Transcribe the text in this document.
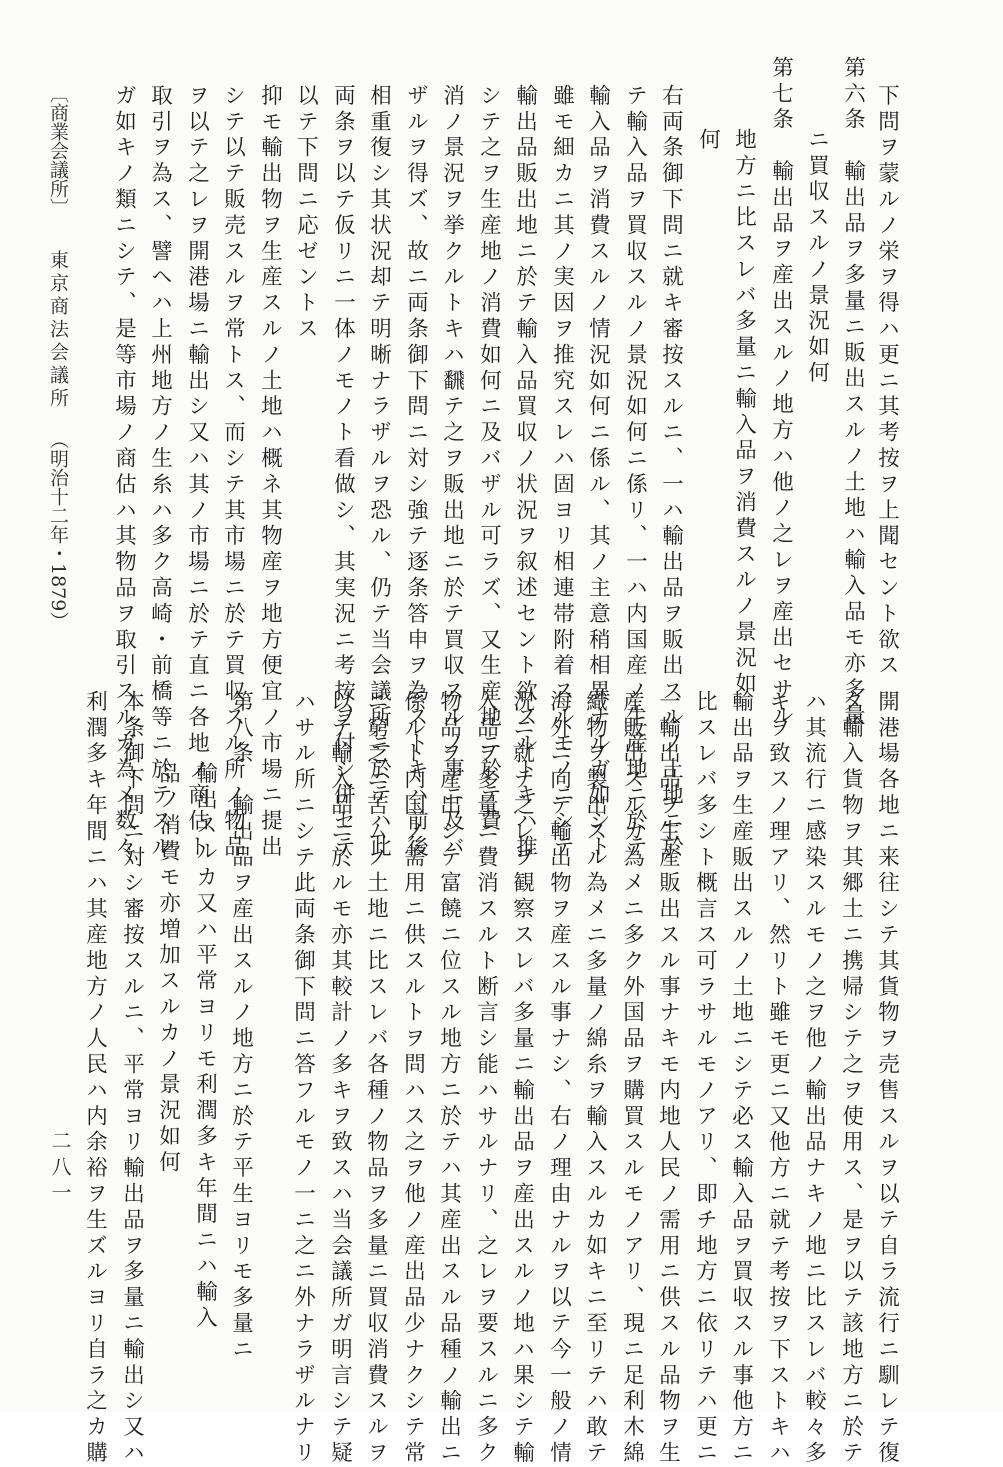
下問ヲ蒙ルノ栄ヲ得ハ更ニ其考按ヲ上聞セント欲ス
第六条　輸出品ヲ多量ニ販出スルノ土地ハ輸入品モ亦多量
ニ買収スルノ景況如何
第七条　輸出品ヲ産出スルノ地方ハ他ノ之レヲ産出セサル
地方ニ比スレバ多量ニ輸入品ヲ消費スルノ景況如
何
右両条御下問ニ就キ審按スルニ、一ハ輸出品ヲ販出スルノ土地ニ於
テ輸入品ヲ買収スルノ景況如何ニ係リ、一ハ内国産ノ生産地ニ於テ
輸入品ヲ消費スルノ情況如何ニ係ル、其ノ主意稍相異ナルガ如シト
雖モ細カニ其ノ実因ヲ推究スレハ固ヨリ相連帯附着スルモノニシテ
輸出品販出地ニ於テ輸入品買収ノ状況ヲ叙述セント欲スルトキハ推
シテ之ヲ生産地ノ消費如何ニ及バザル可ラズ、又生産地ニ於テ費
消ノ景況ヲ挙クルトキハ飜テ之ヲ販出地ニ於テ買収スルノ事ニ及バ
ザルヲ得ズ、故ニ両条御下問ニ対シ強テ逐条答申ヲ為ストキハ前後
相重復シ其状況却テ明晰ナラザルヲ恐ル、仍テ当会議所ニ於テハ此
両条ヲ以テ仮リニ一体ノモノト看做シ、其実況ニ考按ヲ付シ併セテ
以テ下問ニ応ゼントス
抑モ輸出物ヲ生産スルノ土地ハ概ネ其物産ヲ地方便宜ノ市場ニ提出
シテ以テ販売スルヲ常トス、而シテ其市場ニ於テ買収スル所ノ物品
ヲ以テ之レヲ開港場ニ輸出シ又ハ其ノ市場ニ於テ直ニ各地ノ商估ト
取引ヲ為ス、譬ヘハ上州地方ノ生糸ハ多ク高崎・前橋等ニ於テスル
ガ如キノ類ニシテ、是等市場ノ商估ハ其物品ヲ取引スルガ為メ数々
〔商業会議所〕
東京商法会議所
（明治十二年・1879）
開港場各地ニ来往シテ其貨物ヲ売售スルヲ以テ自ラ流行ニ馴レテ復
タ輸入貨物ヲ其郷土ニ携帰シテ之ヲ使用ス、是ヲ以テ該地方ニ於テ
ハ其流行ニ感染スルモノ之ヲ他ノ輸出品ナキノ地ニ比スレバ較々多
キヲ致スノ理アリ、然リト雖モ更ニ又他方ニ就テ考按ヲ下ストキハ
輸出品ヲ生産販出スルノ土地ニシテ必ス輸入品ヲ買収スル事他方ニ
比スレバ多シト概言ス可ラサルモノアリ、即チ地方ニ依リテハ更ニ
一輸出品ヲ生産販出スル事ナキモ内地人民ノ需用ニ供スル品物ヲ生
産販出スルカ為メニ多ク外国品ヲ購買スルモノアリ、現ニ足利木綿
織物ヲ製出スル為メニ多量ノ綿糸ヲ輸入スルカ如キニ至リテハ敢テ
海外ニ向テ輸出物ヲ産スル事ナシ、右ノ理由ナルヲ以テ今一般ノ情
況ニ就テ之レヲ観察スレバ多量ニ輸出品ヲ産出スルノ地ハ果シテ輸
入品ヲ多量ニ費消スルト断言シ能ハサルナリ、之レヲ要スルニ多ク
物品ヲ産出シテ富饒ニ位スル地方ニ於テハ其産出スル品種ノ輸出ニ
係ルト内国ノ需用ニ供スルトヲ問ハス之ヲ他ノ産出品少ナクシテ常
ニ窮乏ニ苦ムノ土地ニ比スレバ各種ノ物品ヲ多量ニ買収消費スルヲ
以テ輸入品ニ於ルモ亦其較計ノ多キヲ致スハ当会議所ガ明言シテ疑
ハサル所ニシテ此両条御下問ニ答フルモノ一ニ之ニ外ナラザルナリ
第八条　輸出品ヲ産出スルノ地方ニ於テ平生ヨリモ多量ニ
輸出スルカ又ハ平常ヨリモ利潤多キ年間ニハ輸入
品ノ消費モ亦増加スルカノ景況如何
本条御下問ニ対シ審按スルニ、平常ヨリ輸出品ヲ多量ニ輸出シ又ハ
利潤多キ年間ニハ其産地方ノ人民ハ内余裕ヲ生ズルヨリ自ラ之カ購
二八一
